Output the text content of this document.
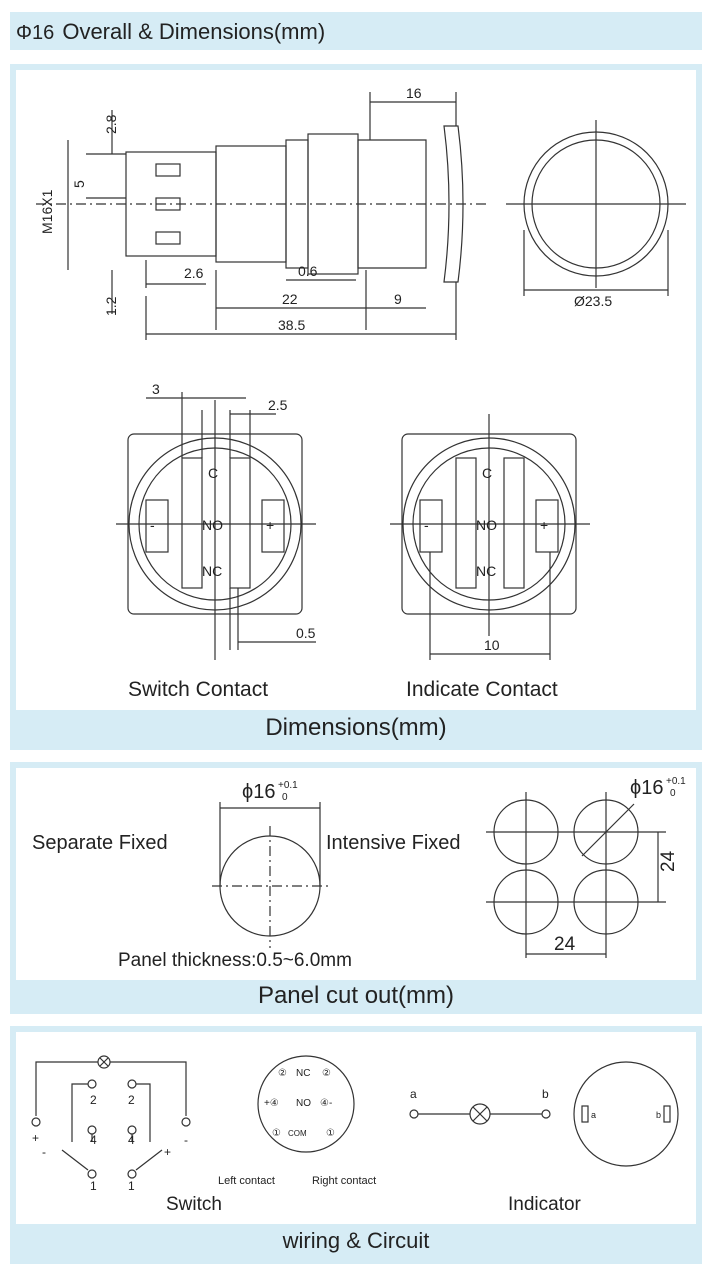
Φ16 Overall & Dimensions(mm)
16
2.8
5
M16X1
1.2
2.6	0.6
22	9
38.5
Ø23.5
3
2.5
0.5
10
C
NO
NC
-	+
C
NO
NC
-	+
Switch Contact	Indicate Contact
Dimensions(mm)
ϕ16	ϕ16
24
24
+0.1
0
+0.1
0
Separate Fixed	Intensive Fixed
Panel thickness:0.5~6.0mm
Panel cut out(mm)
2	2
4	4
1	1
+	-
-	+
a	b
a	b
② NC ②
+④ NO ④-
① COM ①
Left contact	Right contact
Switch	Indicator
wiring & Circuit
